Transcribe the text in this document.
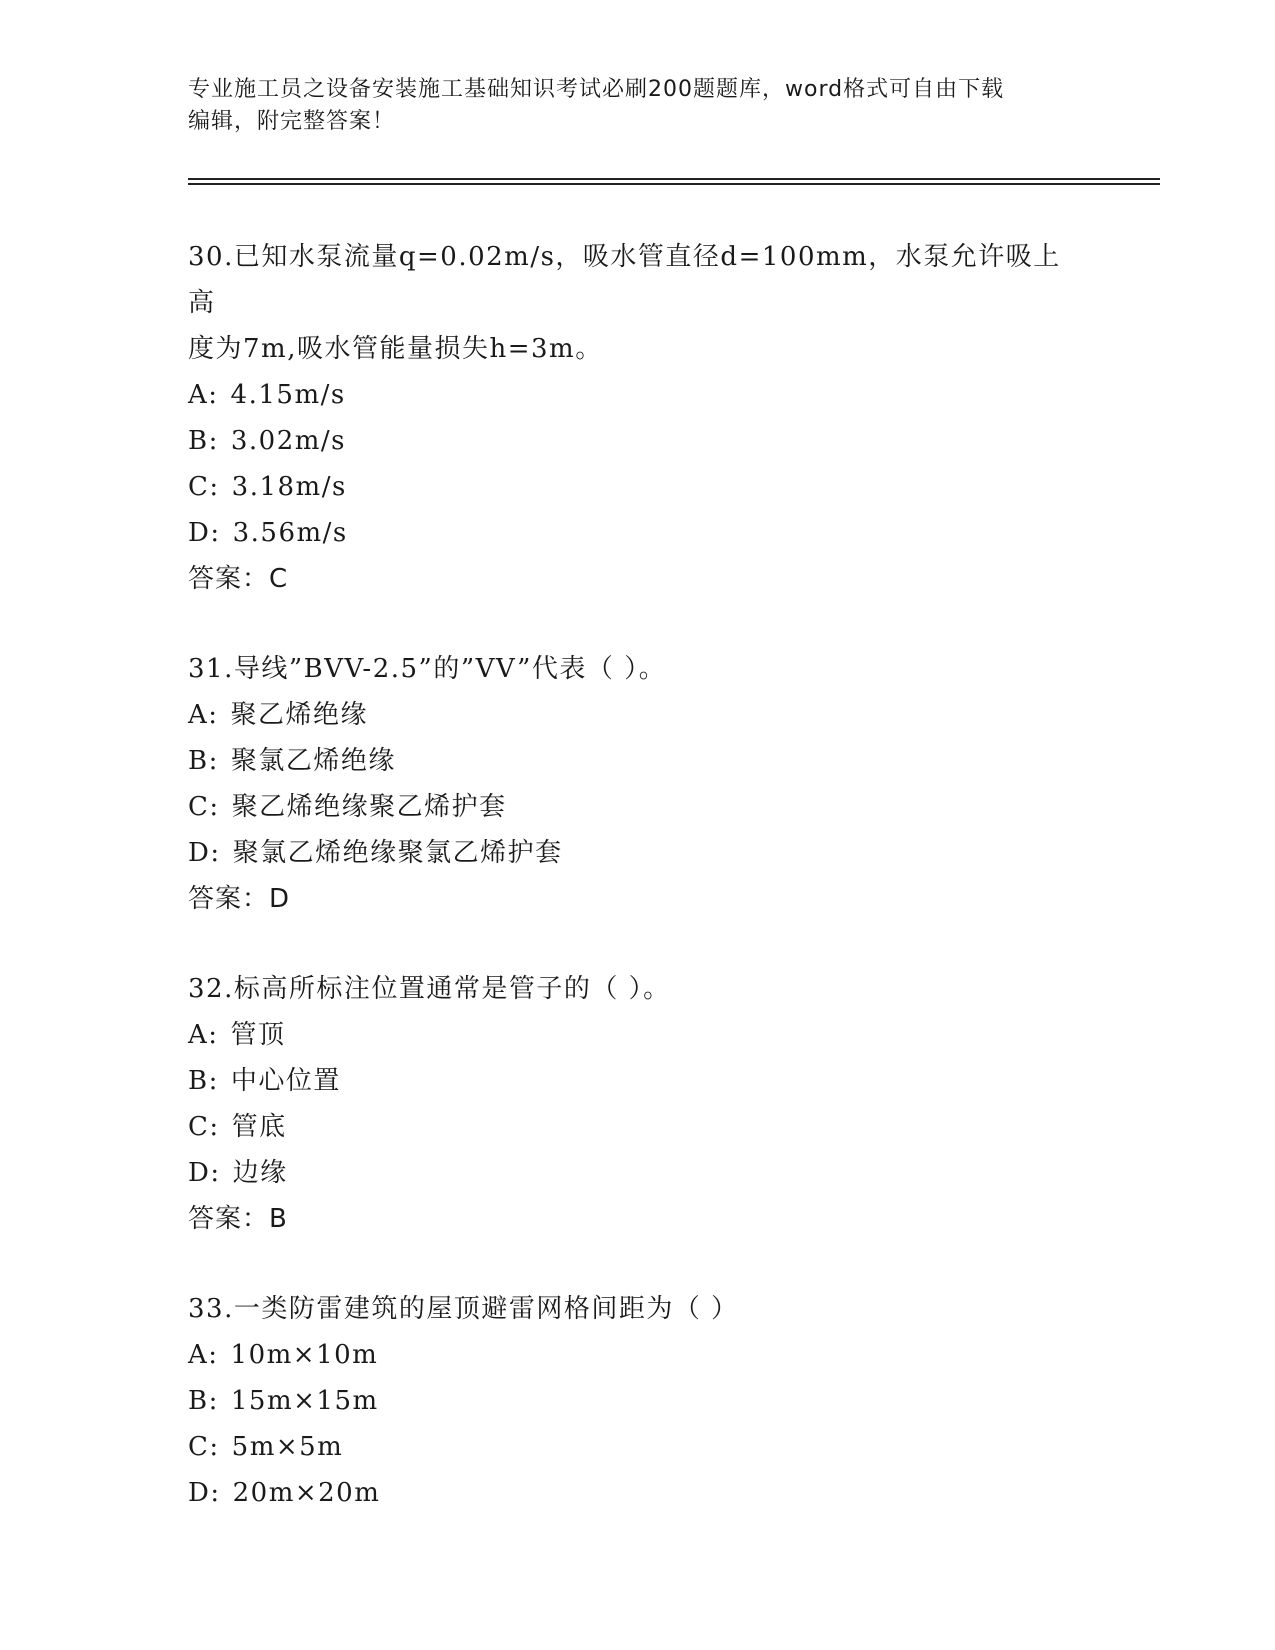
专业施工员之设备安装施工基础知识考试必刷200题题库，word格式可自由下载
编辑，附完整答案！
30.已知水泵流量q=0.02m/s，吸水管直径d=100mm，水泵允许吸上高
度为7m,吸水管能量损失h=3m。
A: 4.15m/s
B: 3.02m/s
C: 3.18m/s
D: 3.56m/s
答案：C
31.导线”BVV-2.5”的”VV”代表（ ）。
A: 聚乙烯绝缘
B: 聚氯乙烯绝缘
C: 聚乙烯绝缘聚乙烯护套
D: 聚氯乙烯绝缘聚氯乙烯护套
答案：D
32.标高所标注位置通常是管子的（ ）。
A: 管顶
B: 中心位置
C: 管底
D: 边缘
答案：B
33.一类防雷建筑的屋顶避雷网格间距为（ ）
A: 10m×10m
B: 15m×15m
C: 5m×5m
D: 20m×20m
